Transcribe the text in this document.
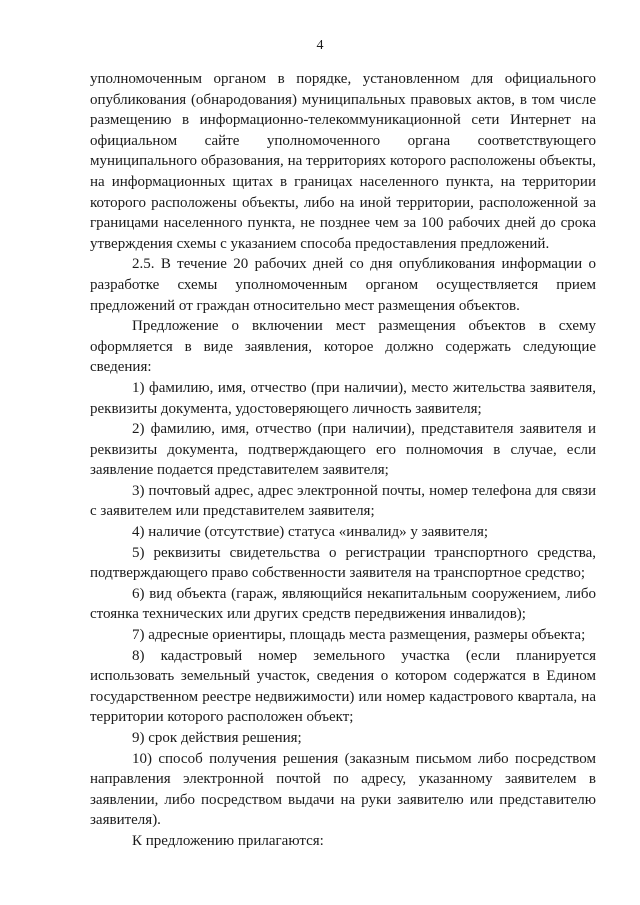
4

уполномоченным органом в порядке, установленном для официального опубликования (обнародования) муниципальных правовых актов, в том числе размещению в информационно-телекоммуникационной сети Интернет на официальном сайте уполномоченного органа соответствующего муниципального образования, на территориях которого расположены объекты, на информационных щитах в границах населенного пункта, на территории которого расположены объекты, либо на иной территории, расположенной за границами населенного пункта, не позднее чем за 100 рабочих дней до срока утверждения схемы с указанием способа предоставления предложений.

2.5. В течение 20 рабочих дней со дня опубликования информации о разработке схемы уполномоченным органом осуществляется прием предложений от граждан относительно мест размещения объектов.

Предложение о включении мест размещения объектов в схему оформляется в виде заявления, которое должно содержать следующие сведения:

1) фамилию, имя, отчество (при наличии), место жительства заявителя, реквизиты документа, удостоверяющего личность заявителя;

2) фамилию, имя, отчество (при наличии), представителя заявителя и реквизиты документа, подтверждающего его полномочия в случае, если заявление подается представителем заявителя;

3) почтовый адрес, адрес электронной почты, номер телефона для связи с заявителем или представителем заявителя;

4) наличие (отсутствие) статуса «инвалид» у заявителя;

5) реквизиты свидетельства о регистрации транспортного средства, подтверждающего право собственности заявителя на транспортное средство;

6) вид объекта (гараж, являющийся некапитальным сооружением, либо стоянка технических или других средств передвижения инвалидов);

7) адресные ориентиры, площадь места размещения, размеры объекта;

8) кадастровый номер земельного участка (если планируется использовать земельный участок, сведения о котором содержатся в Едином государственном реестре недвижимости) или номер кадастрового квартала, на территории которого расположен объект;

9) срок действия решения;

10) способ получения решения (заказным письмом либо посредством направления электронной почтой по адресу, указанному заявителем в заявлении, либо посредством выдачи на руки заявителю или представителю заявителя).

К предложению прилагаются:
